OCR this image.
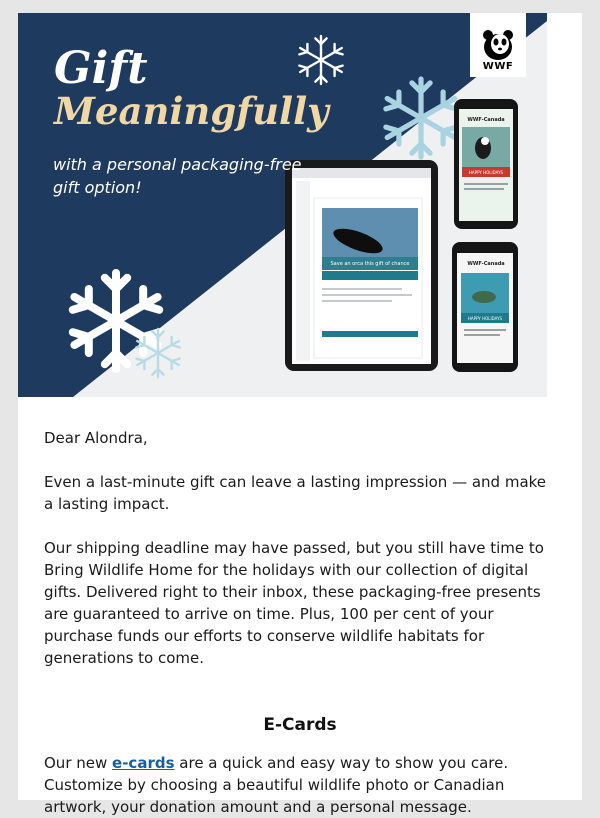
Save an orca this gift of chance
WWF-Canada
HAPPY HOLIDAYS
WWF-Canada
HAPPY HOLIDAYS
Gift
Meaningfully
with a personal packaging-free gift option!
WWF

Dear Alondra,

Even a last-minute gift can leave a lasting impression — and make a lasting impact.

Our shipping deadline may have passed, but you still have time to Bring Wildlife Home for the holidays with our collection of digital gifts. Delivered right to their inbox, these packaging-free presents are guaranteed to arrive on time. Plus, 100 per cent of your purchase funds our efforts to conserve wildlife habitats for generations to come.

E-Cards

Our new e-cards are a quick and easy way to show you care. Customize by choosing a beautiful wildlife photo or Canadian artwork, your donation amount and a personal message.
